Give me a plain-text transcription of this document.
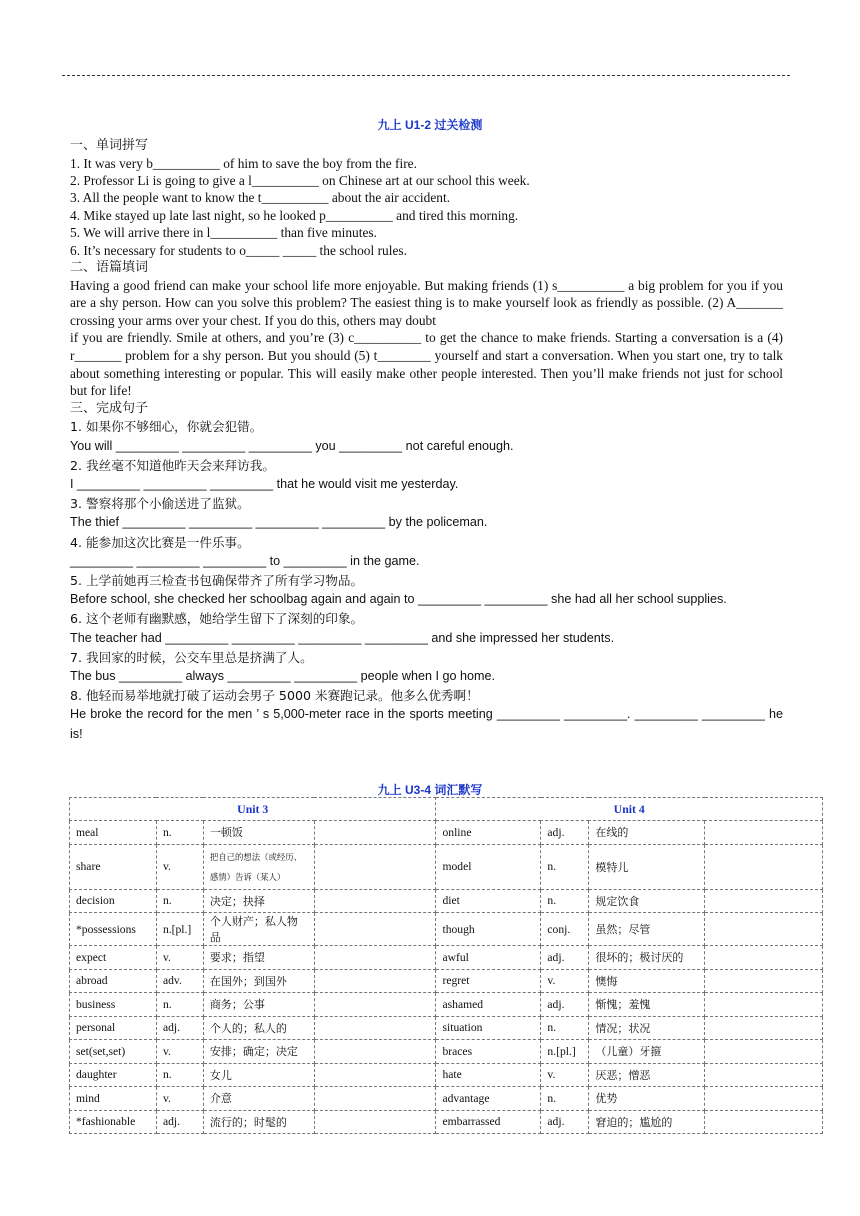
九上 U1-2 过关检测
一、单词拼写
1. It was very b__________ of him to save the boy from the fire.
2. Professor Li is going to give a l__________ on Chinese art at our school this week.
3. All the people want to know the t__________ about the air accident.
4. Mike stayed up late last night, so he looked p__________ and tired this morning.
5. We will arrive there in l__________ than five minutes.
6. It’s necessary for students to o_____ _____ the school rules.
二、语篇填词
Having a good friend can make your school life more enjoyable. But making friends (1) s__________ a big problem for you if you are a shy person. How can you solve this problem? The easiest thing is to make yourself look as friendly as possible. (2) A_______ crossing your arms over your chest. If you do this, others may doubt
if you are friendly. Smile at others, and you’re (3) c__________ to get the chance to make friends. Starting a conversation is a (4) r_______ problem for a shy person. But you should (5) t________ yourself and start a conversation. When you start one, try to talk about something interesting or popular. This will easily make other people interested. Then you’ll make friends not just for school but for life!
三、完成句子
1. 如果你不够细心，你就会犯错。
You will _________ _________ _________ you _________ not careful enough.
2. 我丝毫不知道他昨天会来拜访我。
I _________ _________ _________ that he would visit me yesterday.
3. 警察将那个小偷送进了监狱。
The thief _________ _________ _________ _________ by the policeman.
4. 能参加这次比赛是一件乐事。
_________ _________ _________ to _________ in the game.
5. 上学前她再三检查书包确保带齐了所有学习物品。
Before school, she checked her schoolbag again and again to _________ _________ she had all her school supplies.
6. 这个老师有幽默感，她给学生留下了深刻的印象。
The teacher had _________ _________ _________ _________ and she impressed her students.
7. 我回家的时候，公交车里总是挤满了人。
The bus _________ always _________ _________ people when I go home.
8. 他轻而易举地就打破了运动会男子 5000 米赛跑记录。他多么优秀啊！
He broke the record for the men ’ s 5,000-meter race in the sports meeting _________ _________. _________ _________ he is!
九上 U3-4 词汇默写
Unit 3				Unit 4			
meal	n.	一顿饭		online	adj.	在线的	
share	v.	把自己的想法（或经历、
感情）告诉（某人）		model	n.	模特儿	
decision	n.	决定；抉择		diet	n.	规定饮食	
*possessions	n.[pl.]	个人财产；私人物品		though	conj.	虽然；尽管	
expect	v.	要求；指望		awful	adj.	很坏的；极讨厌的	
abroad	adv.	在国外；到国外		regret	v.	懊悔	
business	n.	商务；公事		ashamed	adj.	惭愧；羞愧	
personal	adj.	个人的；私人的		situation	n.	情况；状况	
set(set,set)	v.	安排；确定；决定		braces	n.[pl.]	（儿童）牙箍	
daughter	n.	女儿		hate	v.	厌恶；憎恶	
mind	v.	介意		advantage	n.	优势	
*fashionable	adj.	流行的；时髦的		embarrassed	adj.	窘迫的；尴尬的	
